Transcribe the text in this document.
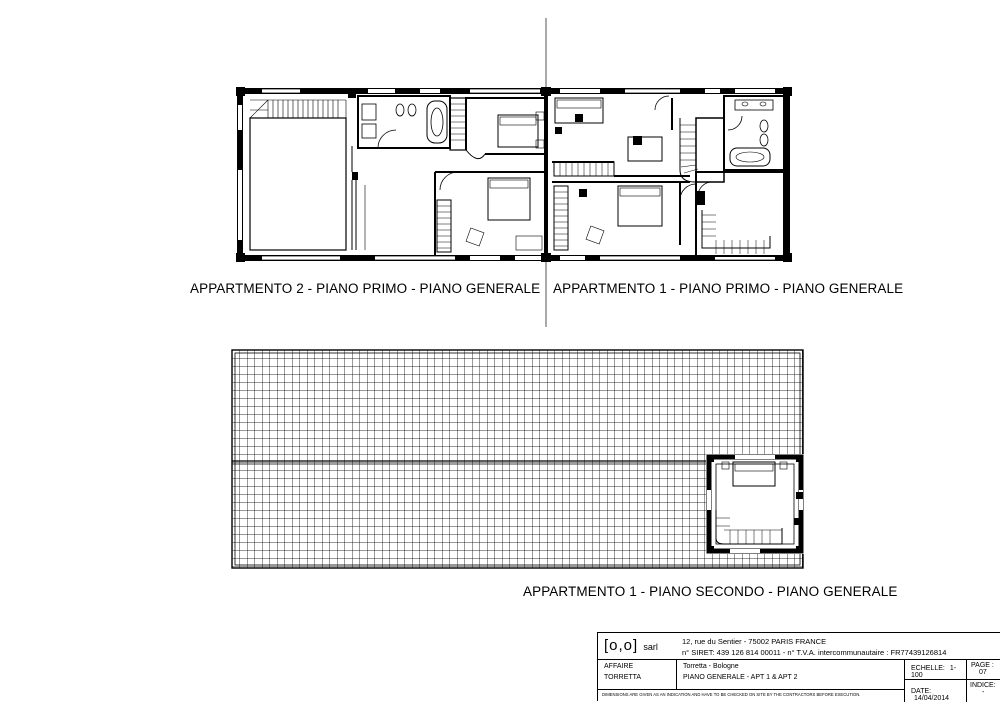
APPARTMENTO 2 - PIANO PRIMO - PIANO GENERALE APPARTMENTO 1 - PIANO PRIMO - PIANO GENERALE
APPARTMENTO 1 - PIANO SECONDO - PIANO GENERALE
[o,o] sarl
12, rue du Sentier - 75002 PARIS FRANCE
n° SIRET: 439 126 814 00011 - n° T.V.A. intercommunautaire : FR77439126814
AFFAIRE
TORRETTA
Torretta - Bologne
PIANO GENERALE - APT 1 & APT 2
ECHELLE: 1-100
PAGE :
07
DATE: 14/04/2014
INDICE:
-
DIMENSIONS ARE GIVEN AS AN INDICATION AND HAVE TO BE CHECKED ON SITE BY THE CONTRACTORS BEFORE EXECUTION.
